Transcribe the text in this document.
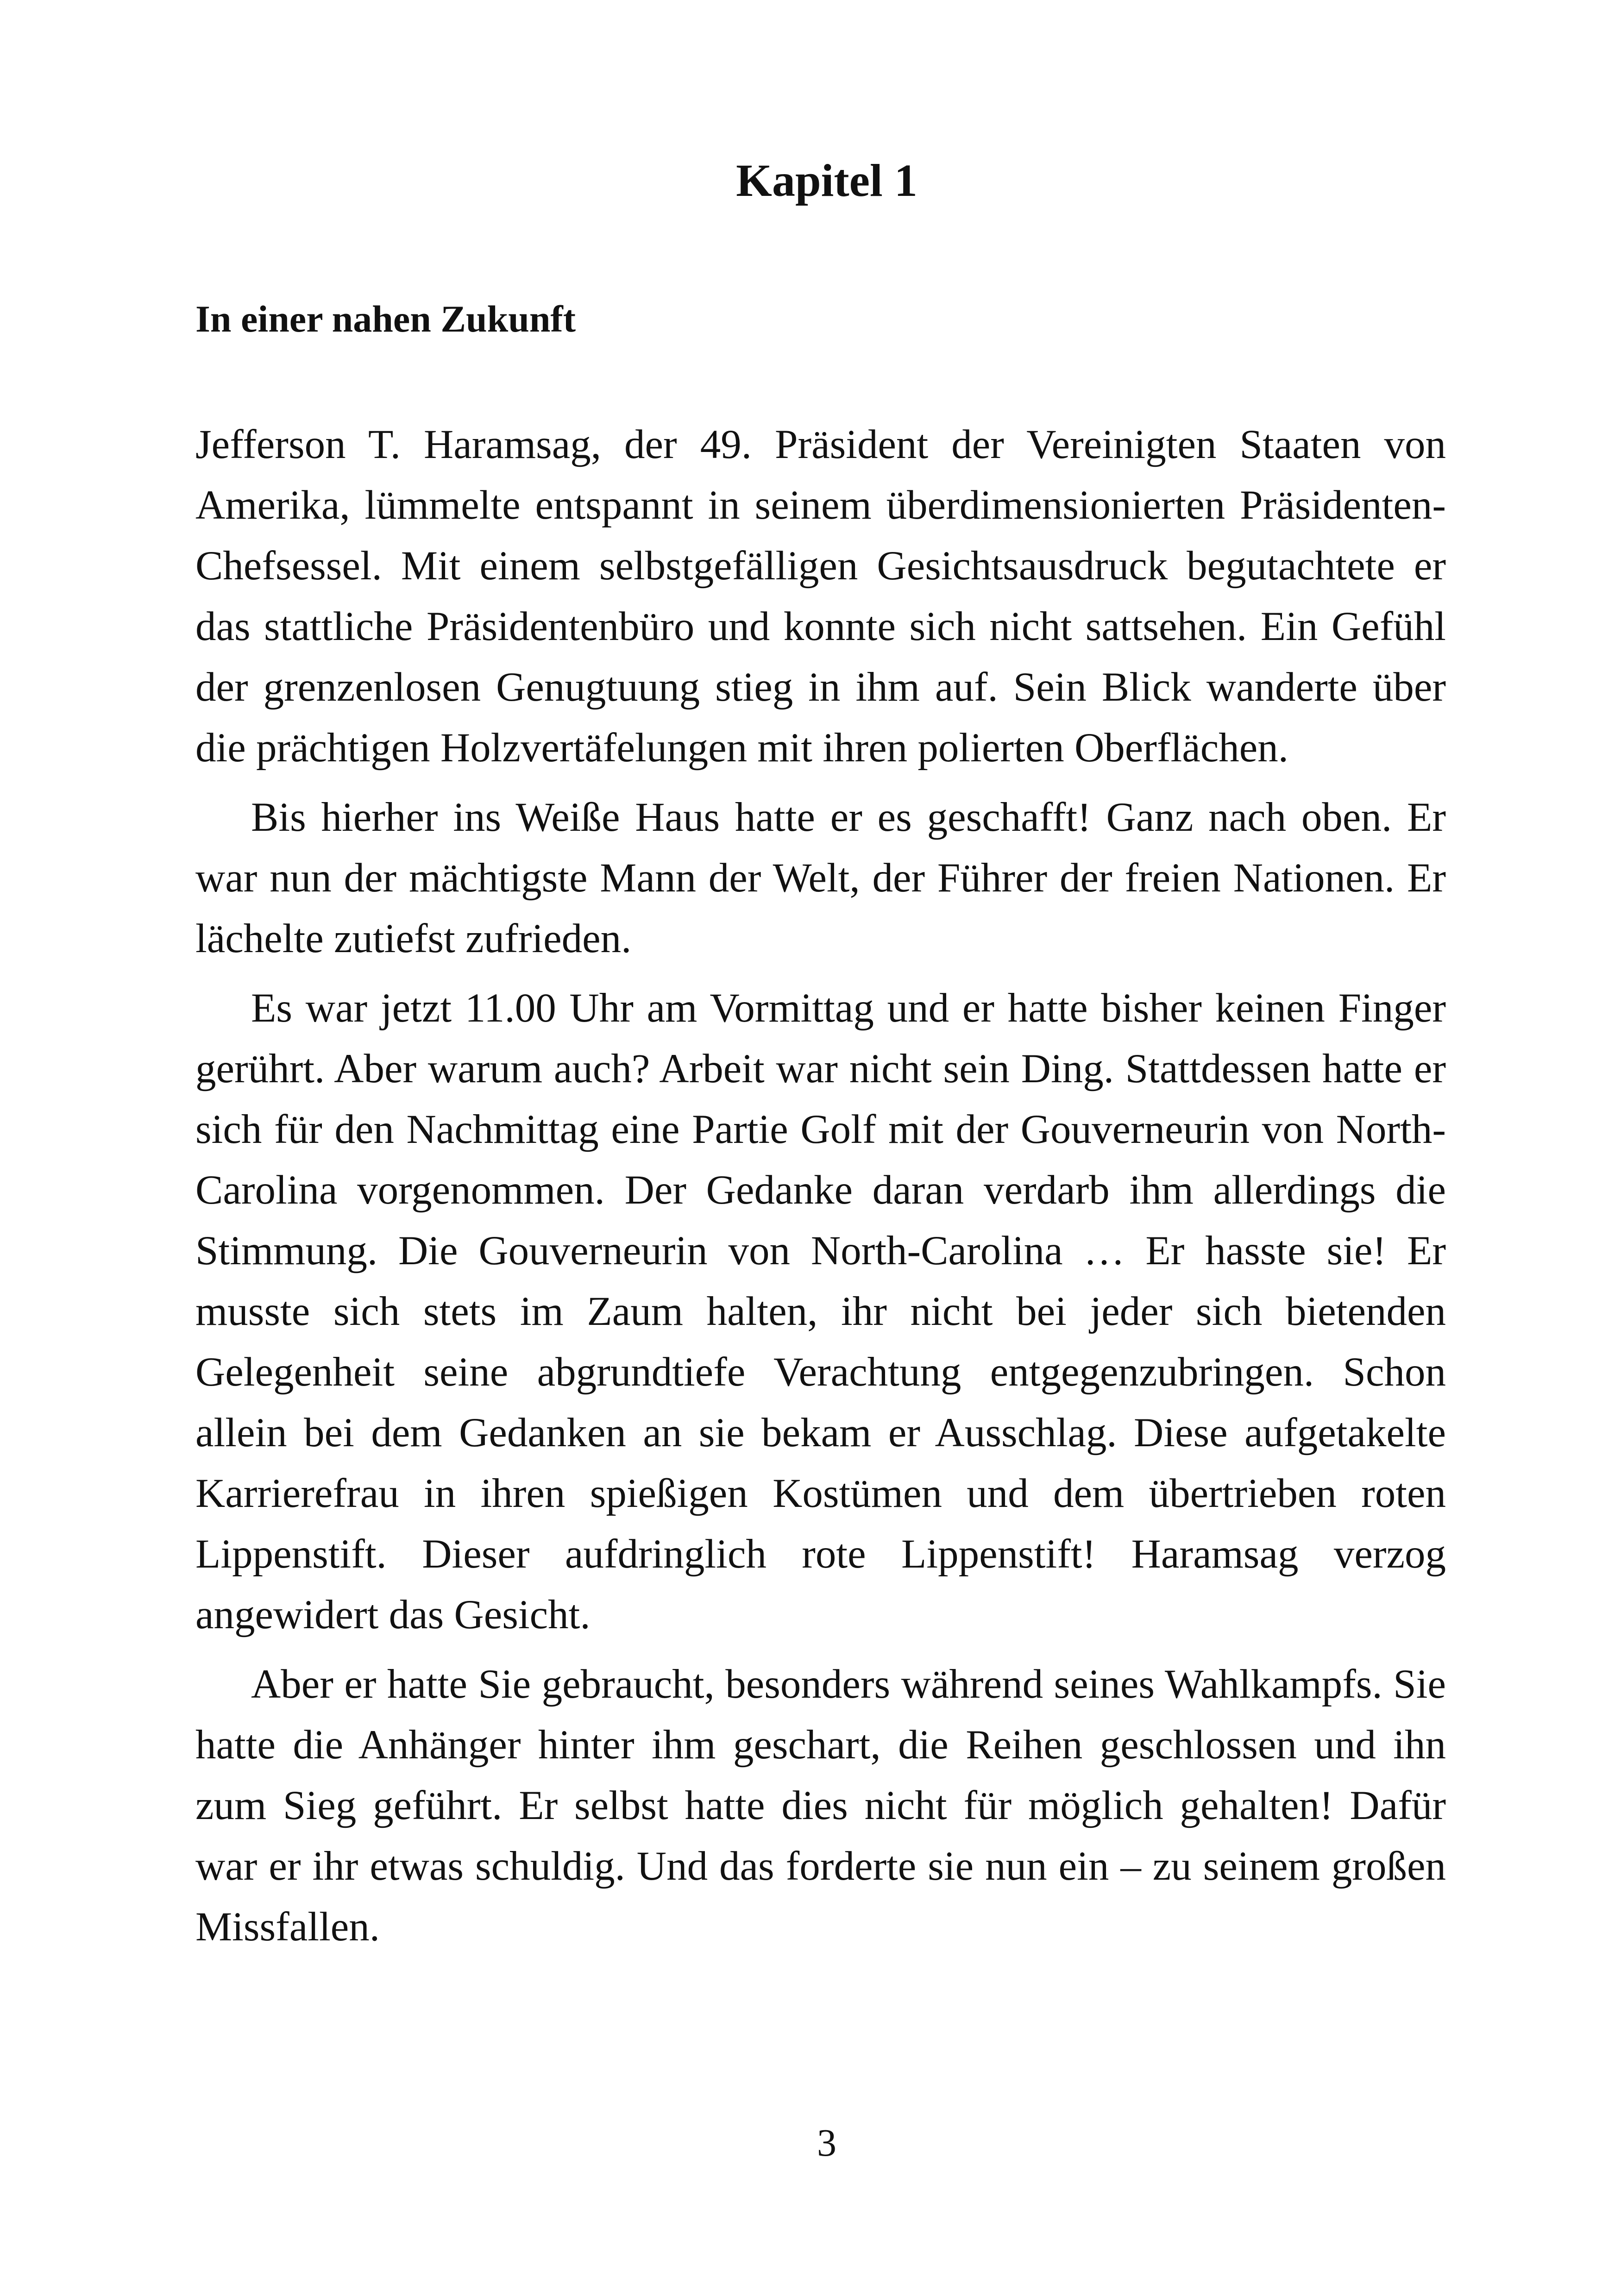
Kapitel 1
In einer nahen Zukunft

Jefferson T. Haramsag, der 49. Präsident der Vereinigten Staaten von Amerika, lümmelte entspannt in seinem überdimensionierten Präsidenten-Chefsessel. Mit einem selbstgefälligen Gesichtsausdruck begutachtete er das stattliche Präsidentenbüro und konnte sich nicht sattsehen. Ein Gefühl der grenzenlosen Genugtuung stieg in ihm auf. Sein Blick wanderte über die prächtigen Holzvertäfelungen mit ihren polierten Oberflächen.

Bis hierher ins Weiße Haus hatte er es geschafft! Ganz nach oben. Er war nun der mächtigste Mann der Welt, der Führer der freien Nationen. Er lächelte zutiefst zufrieden.

Es war jetzt 11.00 Uhr am Vormittag und er hatte bisher keinen Finger gerührt. Aber warum auch? Arbeit war nicht sein Ding. Stattdessen hatte er sich für den Nachmittag eine Partie Golf mit der Gouverneurin von North-Carolina vorgenommen. Der Gedanke daran verdarb ihm allerdings die Stimmung. Die Gouverneurin von North-Carolina … Er hasste sie! Er musste sich stets im Zaum halten, ihr nicht bei jeder sich bietenden Gelegenheit seine abgrundtiefe Verachtung entgegenzubringen. Schon allein bei dem Gedanken an sie bekam er Ausschlag. Diese aufgetakelte Karrierefrau in ihren spießigen Kostümen und dem übertrieben roten Lippenstift. Dieser aufdringlich rote Lippenstift! Haramsag verzog angewidert das Gesicht.

Aber er hatte Sie gebraucht, besonders während seines Wahlkampfs. Sie hatte die Anhänger hinter ihm geschart, die Reihen geschlossen und ihn zum Sieg geführt. Er selbst hatte dies nicht für möglich gehalten! Dafür war er ihr etwas schuldig. Und das forderte sie nun ein – zu seinem großen Missfallen.

3
